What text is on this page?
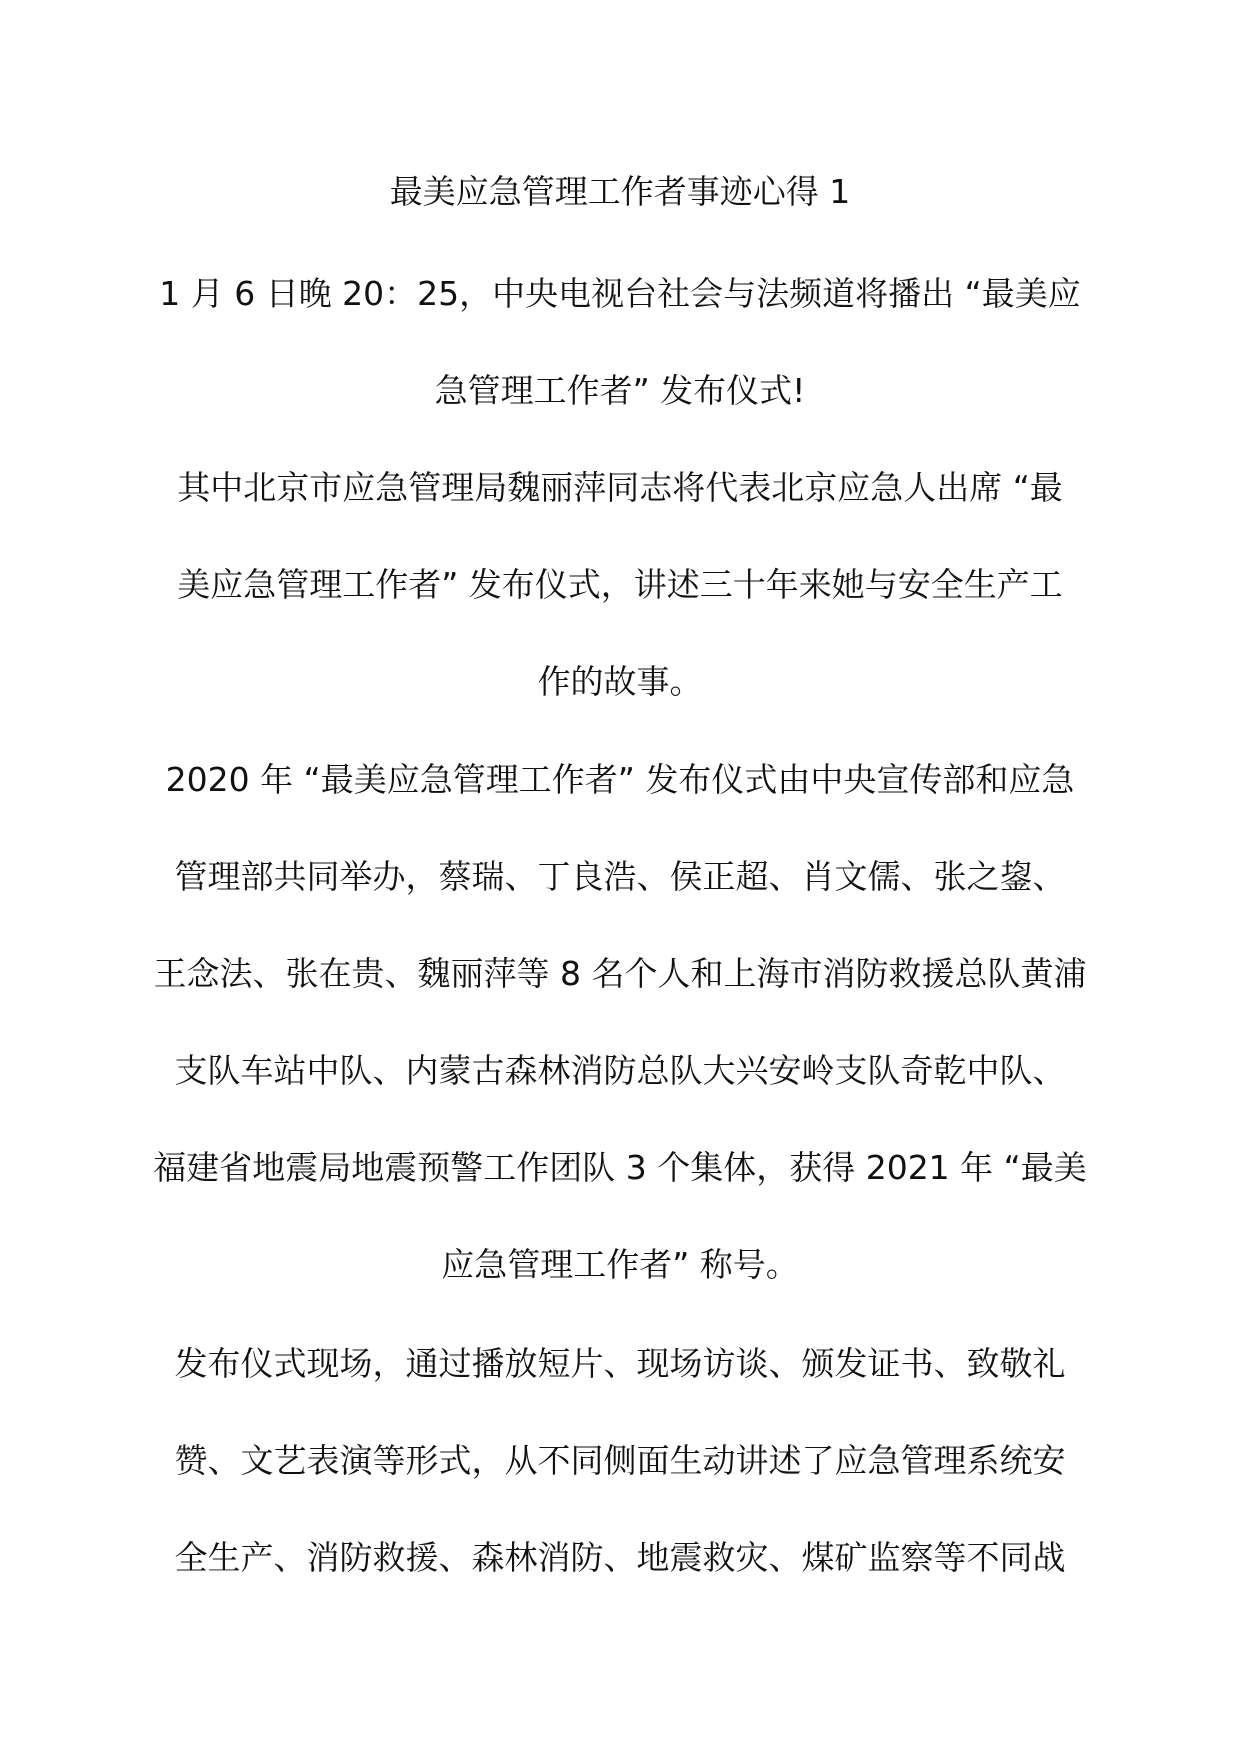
最美应急管理工作者事迹心得 1
1 月 6 日晚 20：25，中央电视台社会与法频道将播出 “最美应
急管理工作者” 发布仪式!
其中北京市应急管理局魏丽萍同志将代表北京应急人出席 “最
美应急管理工作者” 发布仪式，讲述三十年来她与安全生产工
作的故事。
2020 年 “最美应急管理工作者” 发布仪式由中央宣传部和应急
管理部共同举办，蔡瑞、丁良浩、侯正超、肖文儒、张之鋆、
王念法、张在贵、魏丽萍等 8 名个人和上海市消防救援总队黄浦
支队车站中队、内蒙古森林消防总队大兴安岭支队奇乾中队、
福建省地震局地震预警工作团队 3 个集体，获得 2021 年 “最美
应急管理工作者” 称号。
发布仪式现场，通过播放短片、现场访谈、颁发证书、致敬礼
赞、文艺表演等形式，从不同侧面生动讲述了应急管理系统安
全生产、消防救援、森林消防、地震救灾、煤矿监察等不同战
